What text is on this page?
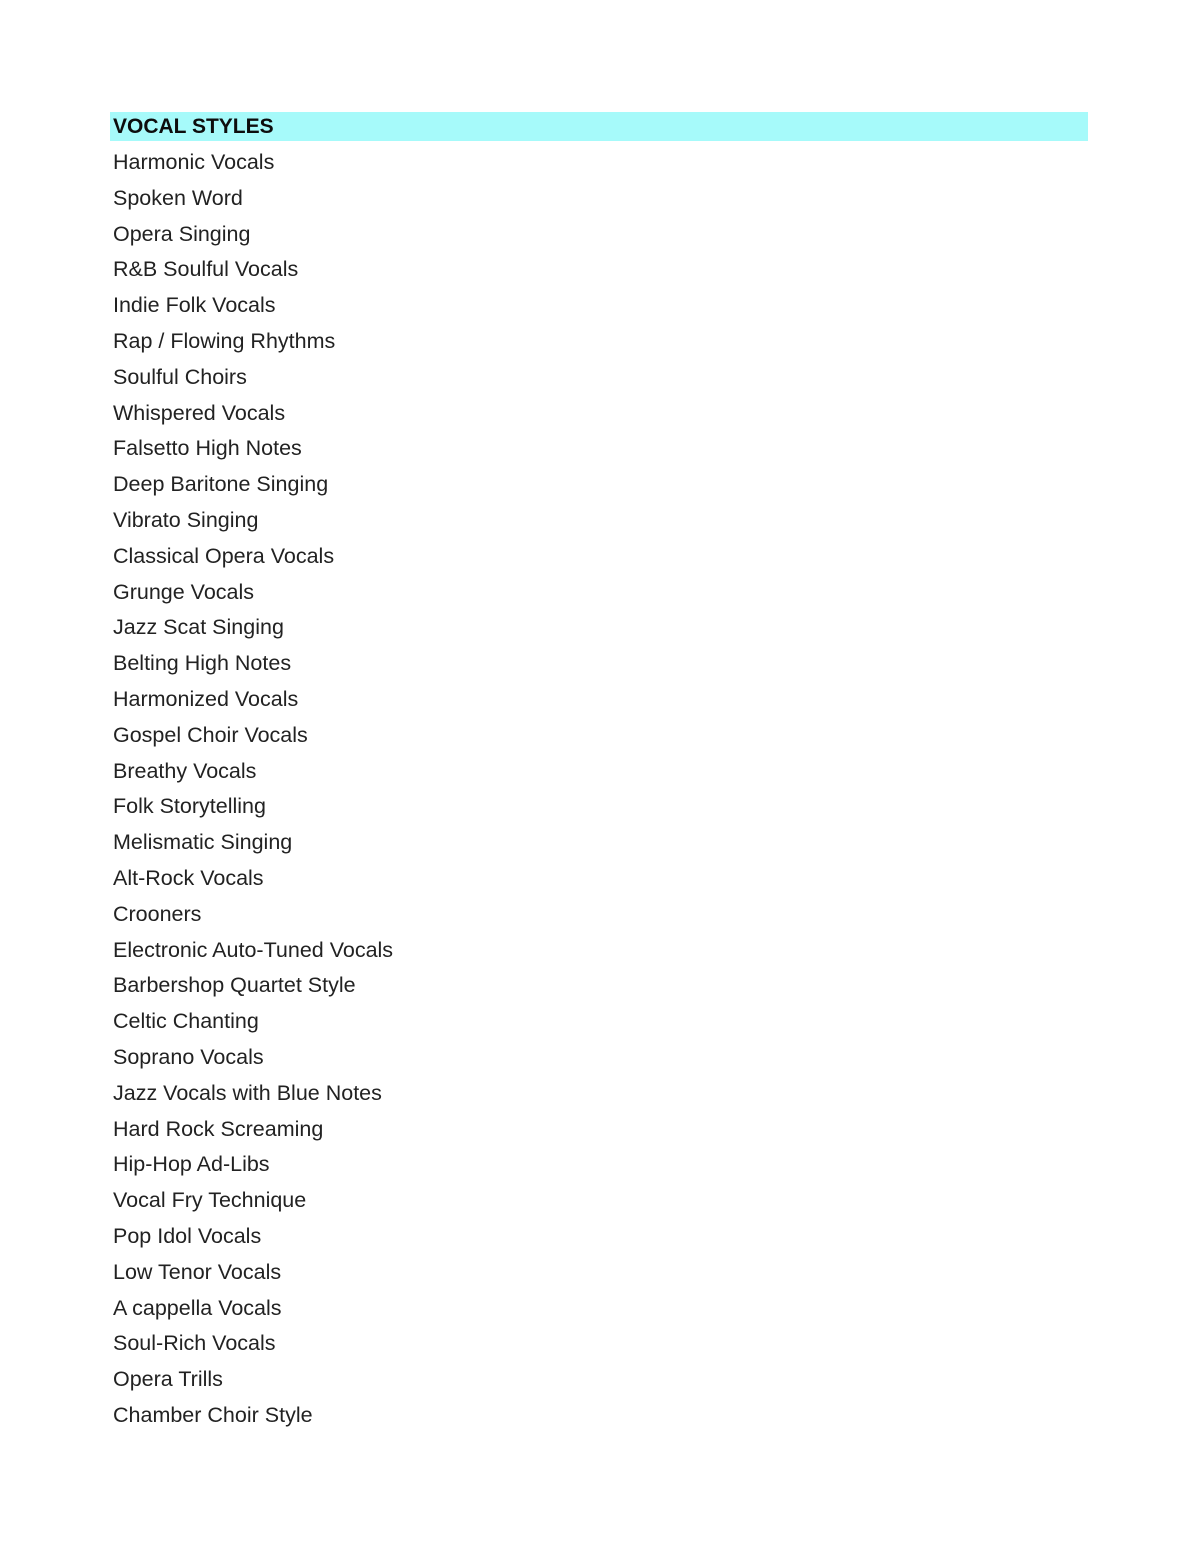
VOCAL STYLES
Harmonic Vocals
Spoken Word
Opera Singing
R&B Soulful Vocals
Indie Folk Vocals
Rap / Flowing Rhythms
Soulful Choirs
Whispered Vocals
Falsetto High Notes
Deep Baritone Singing
Vibrato Singing
Classical Opera Vocals
Grunge Vocals
Jazz Scat Singing
Belting High Notes
Harmonized Vocals
Gospel Choir Vocals
Breathy Vocals
Folk Storytelling
Melismatic Singing
Alt-Rock Vocals
Crooners
Electronic Auto-Tuned Vocals
Barbershop Quartet Style
Celtic Chanting
Soprano Vocals
Jazz Vocals with Blue Notes
Hard Rock Screaming
Hip-Hop Ad-Libs
Vocal Fry Technique
Pop Idol Vocals
Low Tenor Vocals
A cappella Vocals
Soul-Rich Vocals
Opera Trills
Chamber Choir Style
